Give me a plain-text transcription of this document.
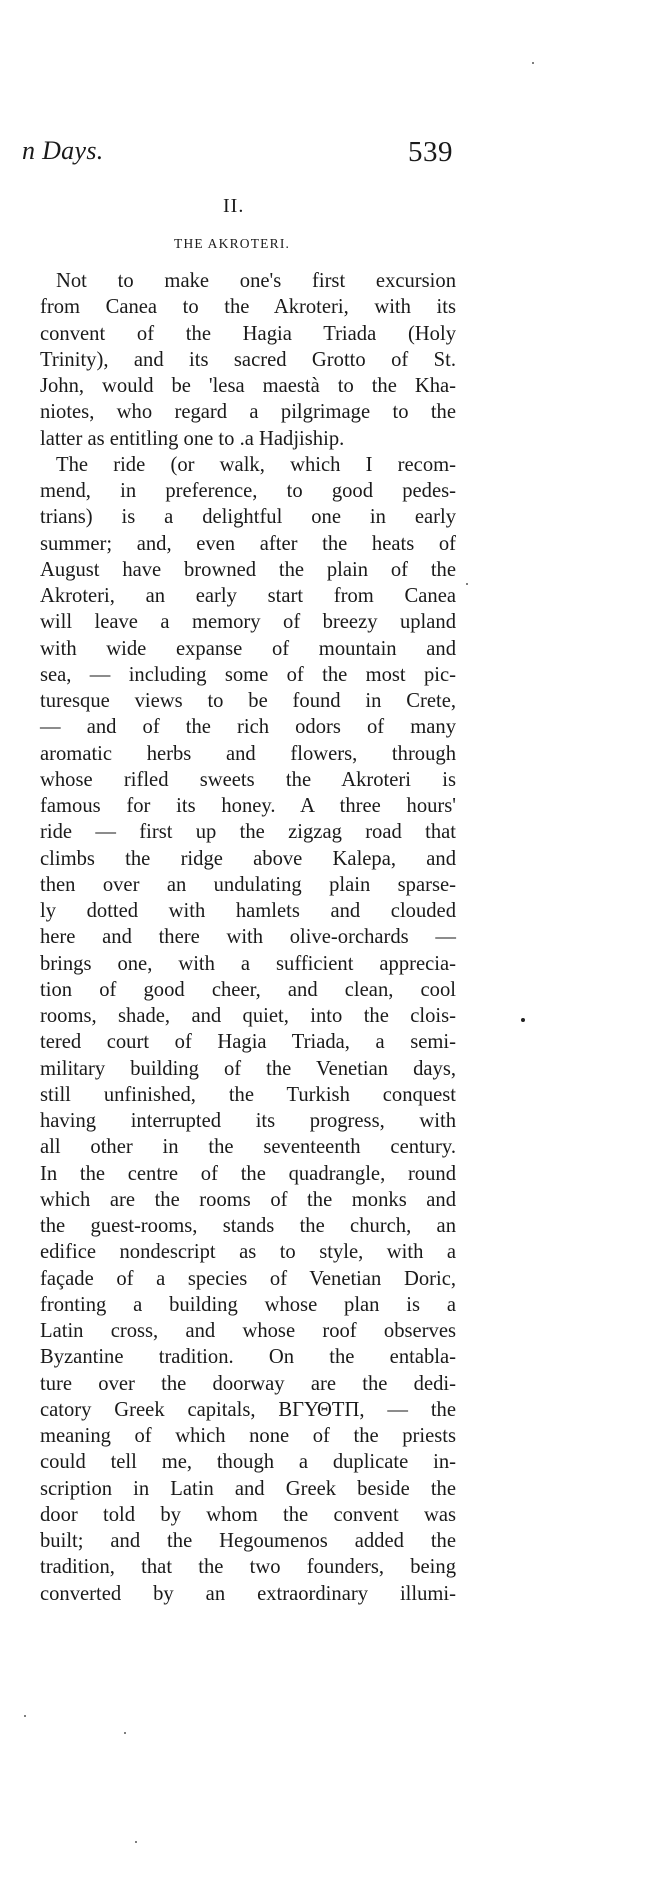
n Days.	539
II.
THE AKROTERI.
Not to make one's first excursion
from Canea to the Akroteri, with its
convent of the Hagia Triada (Holy
Trinity), and its sacred Grotto of St.
John, would be 'lesa maestà to the Kha-
niotes, who regard a pilgrimage to the
latter as entitling one to .a Hadjiship.
The ride (or walk, which I recom-
mend, in preference, to good pedes-
trians) is a delightful one in early
summer; and, even after the heats of
August have browned the plain of the
Akroteri, an early start from Canea
will leave a memory of breezy upland
with wide expanse of mountain and
sea, — including some of the most pic-
turesque views to be found in Crete,
— and of the rich odors of many
aromatic herbs and flowers, through
whose rifled sweets the Akroteri is
famous for its honey. A three hours'
ride — first up the zigzag road that
climbs the ridge above Kalepa, and
then over an undulating plain sparse-
ly dotted with hamlets and clouded
here and there with olive-orchards —
brings one, with a sufficient apprecia-
tion of good cheer, and clean, cool
rooms, shade, and quiet, into the clois-
tered court of Hagia Triada, a semi-
military building of the Venetian days,
still unfinished, the Turkish conquest
having interrupted its progress, with
all other in the seventeenth century.
In the centre of the quadrangle, round
which are the rooms of the monks and
the guest-rooms, stands the church, an
edifice nondescript as to style, with a
façade of a species of Venetian Doric,
fronting a building whose plan is a
Latin cross, and whose roof observes
Byzantine tradition. On the entabla-
ture over the doorway are the dedi-
catory Greek capitals, ΒΓΥΘΤΠ, — the
meaning of which none of the priests
could tell me, though a duplicate in-
scription in Latin and Greek beside the
door told by whom the convent was
built; and the Hegoumenos added the
tradition, that the two founders, being
converted by an extraordinary illumi-
